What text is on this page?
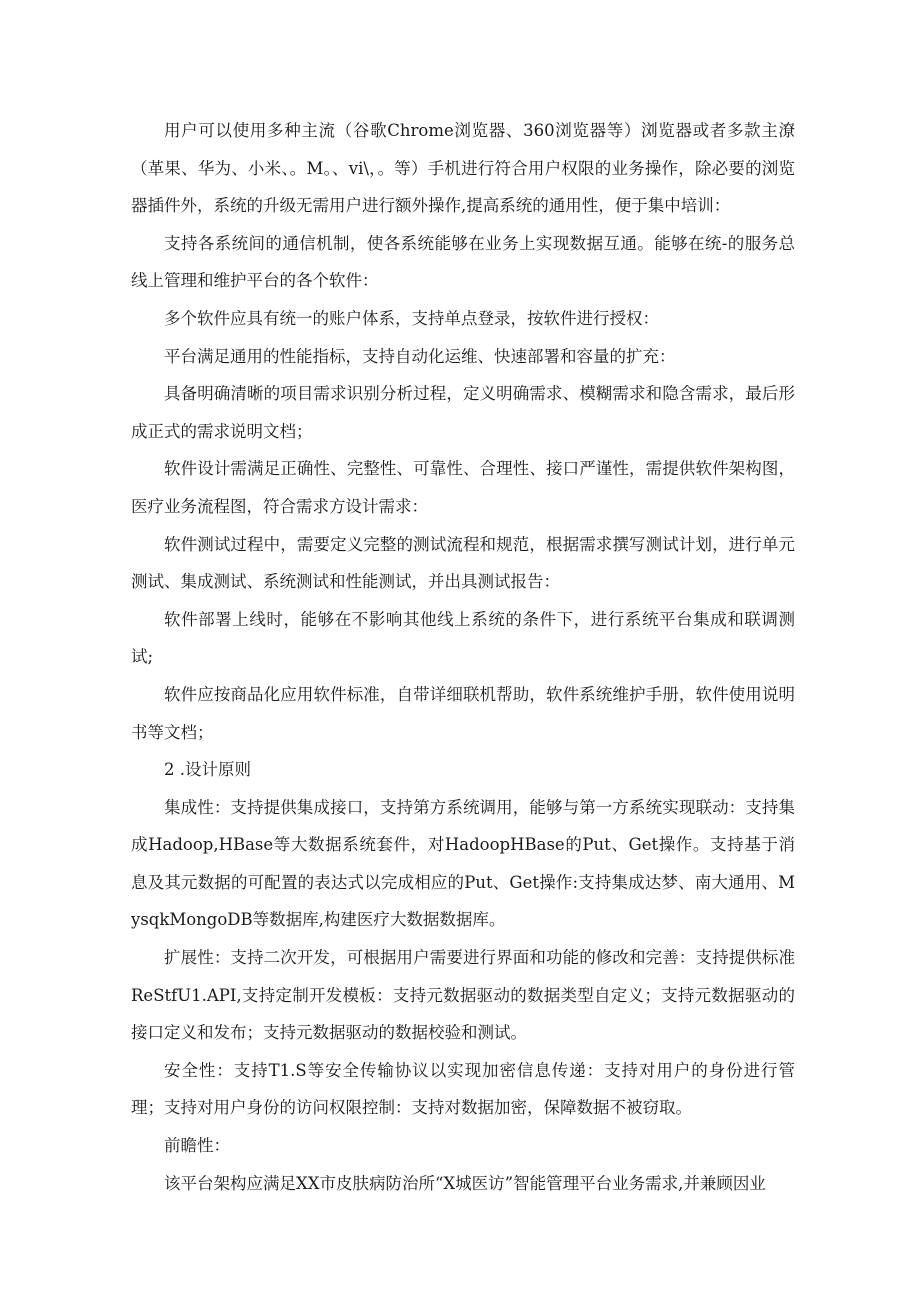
用户可以使用多种主流（谷歌Chrome浏览器、360浏览器等）浏览器或者多款主潦（革果、华为、小米、。M。、vi\，。等）手机进行符合用户权限的业务操作，除必要的浏览器插件外，系统的升级无需用户进行额外操作,提高系统的通用性，便于集中培训：

支持各系统间的通信机制，使各系统能够在业务上实现数据互通。能够在统-的服务总线上管理和维护平台的各个软件：

多个软件应具有统一的账户体系，支持单点登录，按软件进行授权：

平台满足通用的性能指标，支持自动化运维、快速部署和容量的扩充：

具备明确清晰的项目需求识别分析过程，定义明确需求、模糊需求和隐含需求，最后形成正式的需求说明文档；

软件设计需满足正确性、完整性、可靠性、合理性、接口严谨性，需提供软件架构图，医疗业务流程图，符合需求方设计需求：

软件测试过程中，需要定义完整的测试流程和规范，根据需求撰写测试计划，进行单元测试、集成测试、系统测试和性能测试，并出具测试报告：

软件部署上线时，能够在不影响其他线上系统的条件下，进行系统平台集成和联调测试;

软件应按商品化应用软件标准，自带详细联机帮助，软件系统维护手册，软件使用说明书等文档；

2 .设计原则

集成性：支持提供集成接口，支持第方系统调用，能够与第一方系统实现联动：支持集成Hadoop,HBase等大数据系统套件，对HadoopHBase的Put、Get操作。支持基于消息及其元数据的可配置的表达式以完成相应的Put、Get操作:支持集成达梦、南大通用、MysqkMongoDB等数据库,构建医疗大数据数据库。

扩展性：支持二次开发，可根据用户需要进行界面和功能的修改和完善：支持提供标准ReStfU1.API,支持定制开发模板：支持元数据驱动的数据类型自定义；支持元数据驱动的接口定义和发布；支持元数据驱动的数据校验和测试。

安全性：支持T1.S等安全传输协议以实现加密信息传递：支持对用户的身份进行管理；支持对用户身份的访问权限控制：支持对数据加密，保障数据不被窃取。

前瞻性：

该平台架构应满足XX市皮肤病防治所“X城医访”智能管理平台业务需求,并兼顾因业
